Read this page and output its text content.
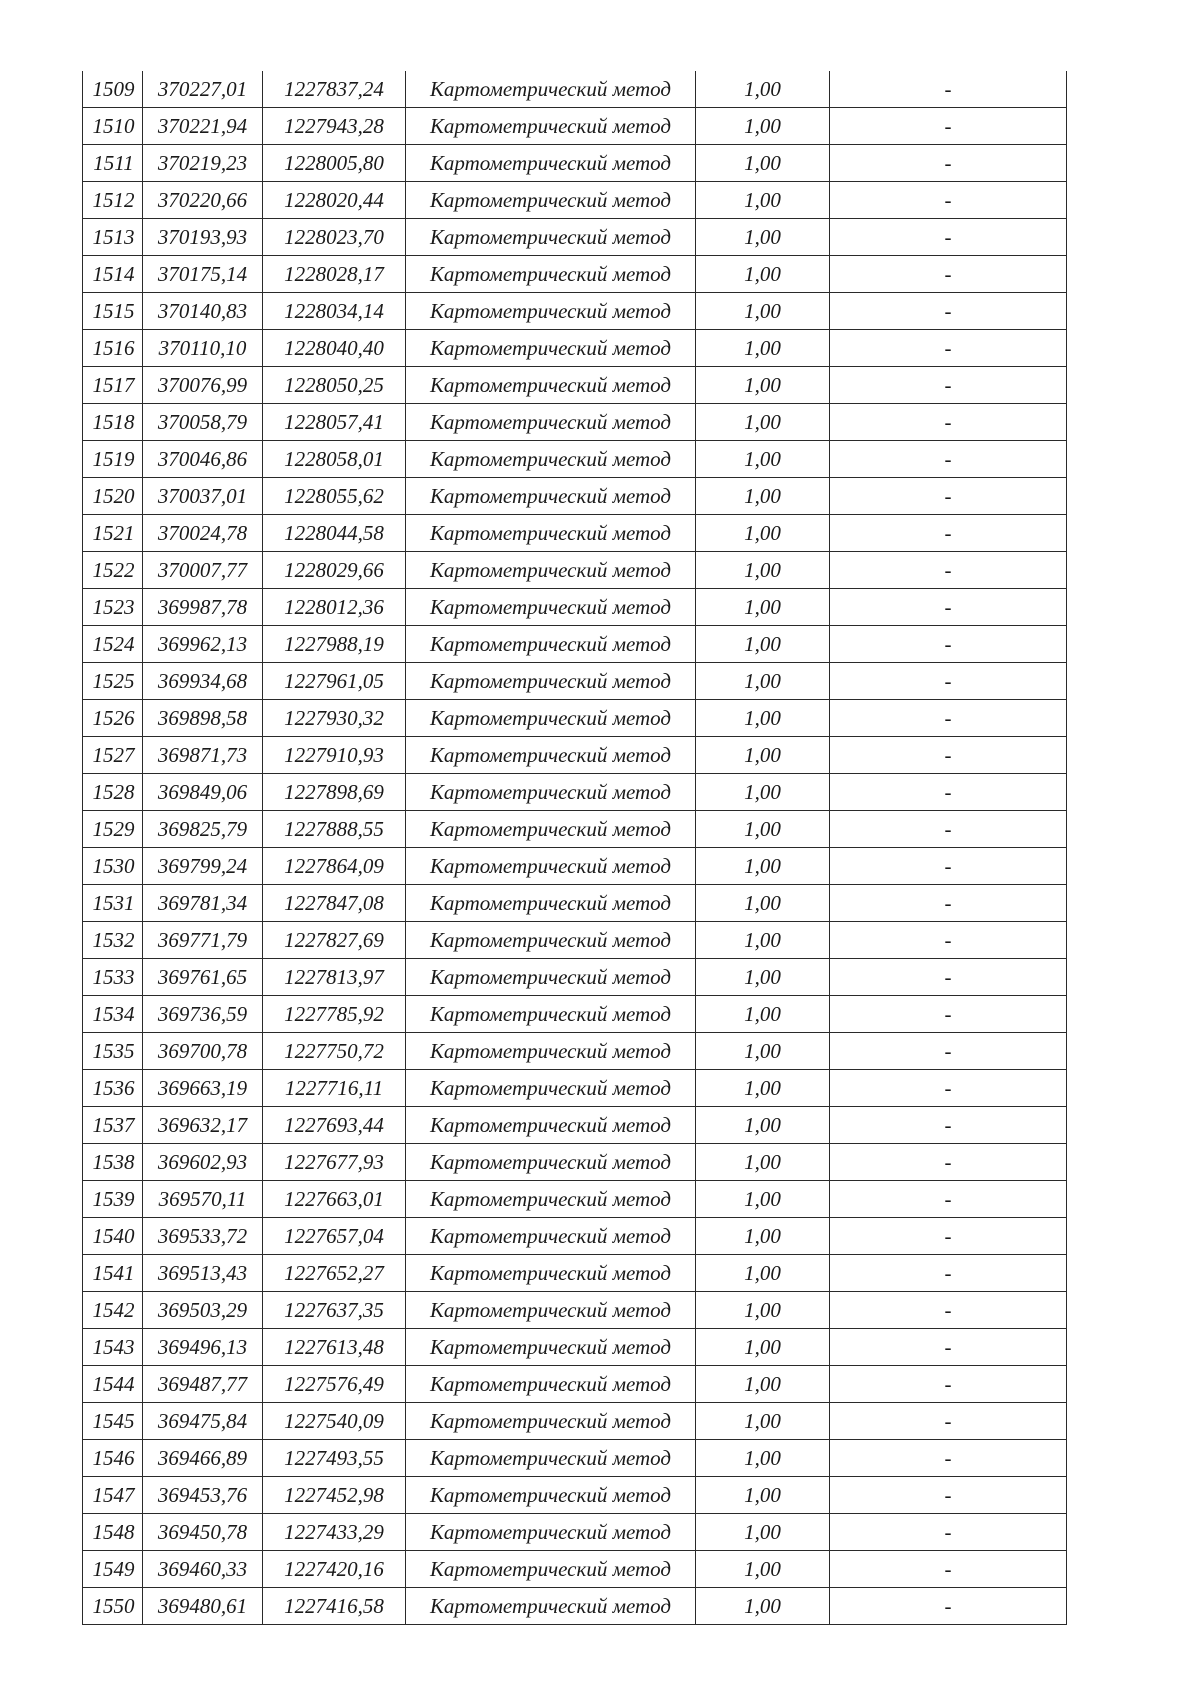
1509	370227,01	1227837,24	Картометрический метод	1,00	-
1510	370221,94	1227943,28	Картометрический метод	1,00	-
1511	370219,23	1228005,80	Картометрический метод	1,00	-
1512	370220,66	1228020,44	Картометрический метод	1,00	-
1513	370193,93	1228023,70	Картометрический метод	1,00	-
1514	370175,14	1228028,17	Картометрический метод	1,00	-
1515	370140,83	1228034,14	Картометрический метод	1,00	-
1516	370110,10	1228040,40	Картометрический метод	1,00	-
1517	370076,99	1228050,25	Картометрический метод	1,00	-
1518	370058,79	1228057,41	Картометрический метод	1,00	-
1519	370046,86	1228058,01	Картометрический метод	1,00	-
1520	370037,01	1228055,62	Картометрический метод	1,00	-
1521	370024,78	1228044,58	Картометрический метод	1,00	-
1522	370007,77	1228029,66	Картометрический метод	1,00	-
1523	369987,78	1228012,36	Картометрический метод	1,00	-
1524	369962,13	1227988,19	Картометрический метод	1,00	-
1525	369934,68	1227961,05	Картометрический метод	1,00	-
1526	369898,58	1227930,32	Картометрический метод	1,00	-
1527	369871,73	1227910,93	Картометрический метод	1,00	-
1528	369849,06	1227898,69	Картометрический метод	1,00	-
1529	369825,79	1227888,55	Картометрический метод	1,00	-
1530	369799,24	1227864,09	Картометрический метод	1,00	-
1531	369781,34	1227847,08	Картометрический метод	1,00	-
1532	369771,79	1227827,69	Картометрический метод	1,00	-
1533	369761,65	1227813,97	Картометрический метод	1,00	-
1534	369736,59	1227785,92	Картометрический метод	1,00	-
1535	369700,78	1227750,72	Картометрический метод	1,00	-
1536	369663,19	1227716,11	Картометрический метод	1,00	-
1537	369632,17	1227693,44	Картометрический метод	1,00	-
1538	369602,93	1227677,93	Картометрический метод	1,00	-
1539	369570,11	1227663,01	Картометрический метод	1,00	-
1540	369533,72	1227657,04	Картометрический метод	1,00	-
1541	369513,43	1227652,27	Картометрический метод	1,00	-
1542	369503,29	1227637,35	Картометрический метод	1,00	-
1543	369496,13	1227613,48	Картометрический метод	1,00	-
1544	369487,77	1227576,49	Картометрический метод	1,00	-
1545	369475,84	1227540,09	Картометрический метод	1,00	-
1546	369466,89	1227493,55	Картометрический метод	1,00	-
1547	369453,76	1227452,98	Картометрический метод	1,00	-
1548	369450,78	1227433,29	Картометрический метод	1,00	-
1549	369460,33	1227420,16	Картометрический метод	1,00	-
1550	369480,61	1227416,58	Картометрический метод	1,00	-
